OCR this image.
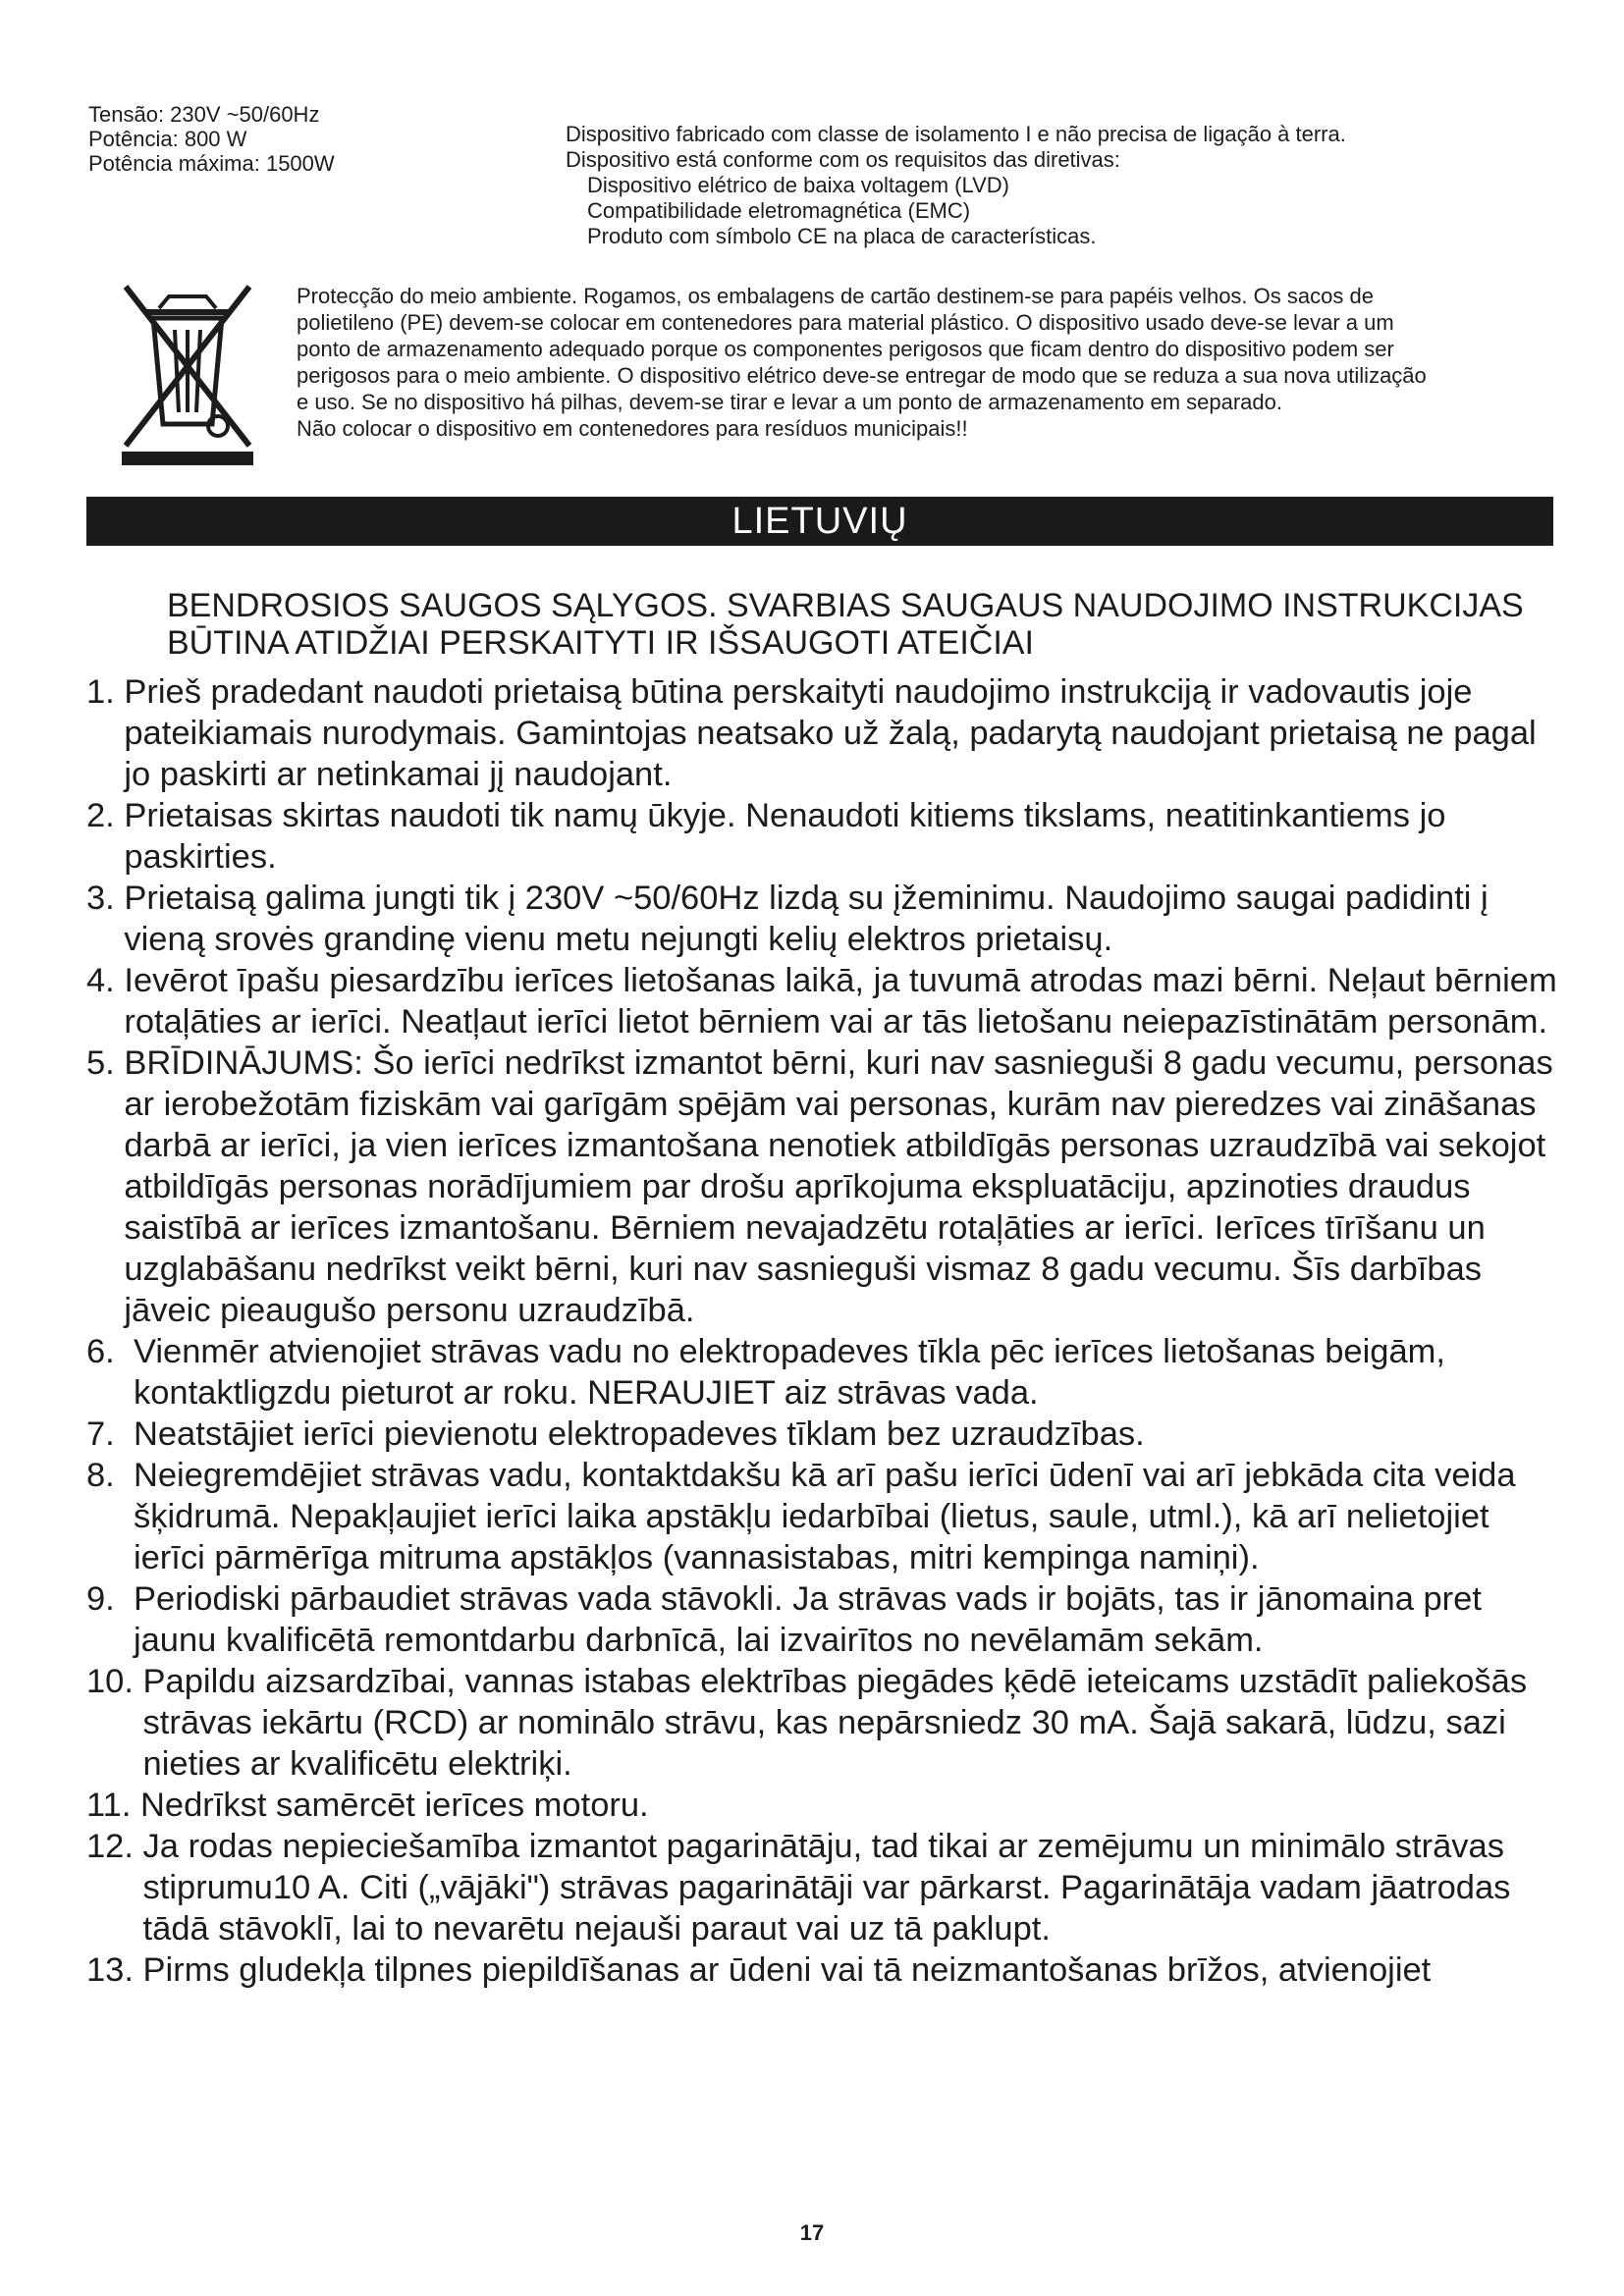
Tensão: 230V ~50/60Hz
Potência: 800 W
Potência máxima: 1500W
Dispositivo fabricado com classe de isolamento I e não precisa de ligação à terra.
Dispositivo está conforme com os requisitos das diretivas:
Dispositivo elétrico de baixa voltagem (LVD)
Compatibilidade eletromagnética (EMC)
Produto com símbolo CE na placa de características.
Protecção do meio ambiente. Rogamos, os embalagens de cartão destinem-se para papéis velhos. Os sacos de
polietileno (PE) devem-se colocar em contenedores para material plástico. O dispositivo usado deve-se levar a um
ponto de armazenamento adequado porque os componentes perigosos que ficam dentro do dispositivo podem ser
perigosos para o meio ambiente. O dispositivo elétrico deve-se entregar de modo que se reduza a sua nova utilização
e uso. Se no dispositivo há pilhas, devem-se tirar e levar a um ponto de armazenamento em separado.
Não colocar o dispositivo em contenedores para resíduos municipais!!
LIETUVIŲ
BENDROSIOS SAUGOS SĄLYGOS. SVARBIAS SAUGAUS NAUDOJIMO INSTRUKCIJAS
BŪTINA ATIDŽIAI PERSKAITYTI IR IŠSAUGOTI ATEIČIAI
1. Prieš pradedant naudoti prietaisą būtina perskaityti naudojimo instrukciją ir vadovautis joje pateikiamais nurodymais. Gamintojas neatsako už žalą, padarytą naudojant prietaisą ne pagal jo paskirti ar netinkamai jį naudojant.
2. Prietaisas skirtas naudoti tik namų ūkyje. Nenaudoti kitiems tikslams, neatitinkantiems jo paskirties.
3. Prietaisą galima jungti tik į 230V ~50/60Hz lizdą su įžeminimu. Naudojimo saugai padidinti į vieną srovės grandinę vienu metu nejungti kelių elektros prietaisų.
4. Ievērot īpašu piesardzību ierīces lietošanas laikā, ja tuvumā atrodas mazi bērni. Neļaut bērniem rotaļāties ar ierīci. Neatļaut ierīci lietot bērniem vai ar tās lietošanu neiepazīstinātām personām.
5. BRĪDINĀJUMS: Šo ierīci nedrīkst izmantot bērni, kuri nav sasnieguši 8 gadu vecumu, personas ar ierobežotām fiziskām vai garīgām spējām vai personas, kurām nav pieredzes vai zināšanas darbā ar ierīci, ja vien ierīces izmantošana nenotiek atbildīgās personas uzraudzībā vai sekojot atbildīgās personas norādījumiem par drošu aprīkojuma ekspluatāciju, apzinoties draudus saistībā ar ierīces izmantošanu. Bērniem nevajadzētu rotaļāties ar ierīci. Ierīces tīrīšanu un uzglabāšanu nedrīkst veikt bērni, kuri nav sasnieguši vismaz 8 gadu vecumu. Šīs darbības jāveic pieaugušo personu uzraudzībā.
6. Vienmēr atvienojiet strāvas vadu no elektropadeves tīkla pēc ierīces lietošanas beigām, kontaktligzdu pieturot ar roku. NERAUJIET aiz strāvas vada.
7. Neatstājiet ierīci pievienotu elektropadeves tīklam bez uzraudzības.
8. Neiegremdējiet strāvas vadu, kontaktdakšu kā arī pašu ierīci ūdenī vai arī jebkāda cita veida šķidrumā. Nepakļaujiet ierīci laika apstākļu iedarbībai (lietus, saule, utml.), kā arī nelietojiet ierīci pārmērīga mitruma apstākļos (vannasistabas, mitri kempinga namiņi).
9. Periodiski pārbaudiet strāvas vada stāvokli. Ja strāvas vads ir bojāts, tas ir jānomaina pret jaunu kvalificētā remontdarbu darbnīcā, lai izvairītos no nevēlamām sekām.
10. Papildu aizsardzībai, vannas istabas elektrības piegādes ķēdē ieteicams uzstādīt paliekošās strāvas iekārtu (RCD) ar nominālo strāvu, kas nepārsniedz 30 mA. Šajā sakarā, lūdzu, sazi nieties ar kvalificētu elektriķi.
11. Nedrīkst samērcēt ierīces motoru.
12. Ja rodas nepieciešamība izmantot pagarinātāju, tad tikai ar zemējumu un minimālo strāvas stiprumu10 A. Citi („vājāki") strāvas pagarinātāji var pārkarst. Pagarinātāja vadam jāatrodas tādā stāvoklī, lai to nevarētu nejauši paraut vai uz tā paklupt.
13. Pirms gludekļa tilpnes piepildīšanas ar ūdeni vai tā neizmantošanas brīžos, atvienojiet
17
